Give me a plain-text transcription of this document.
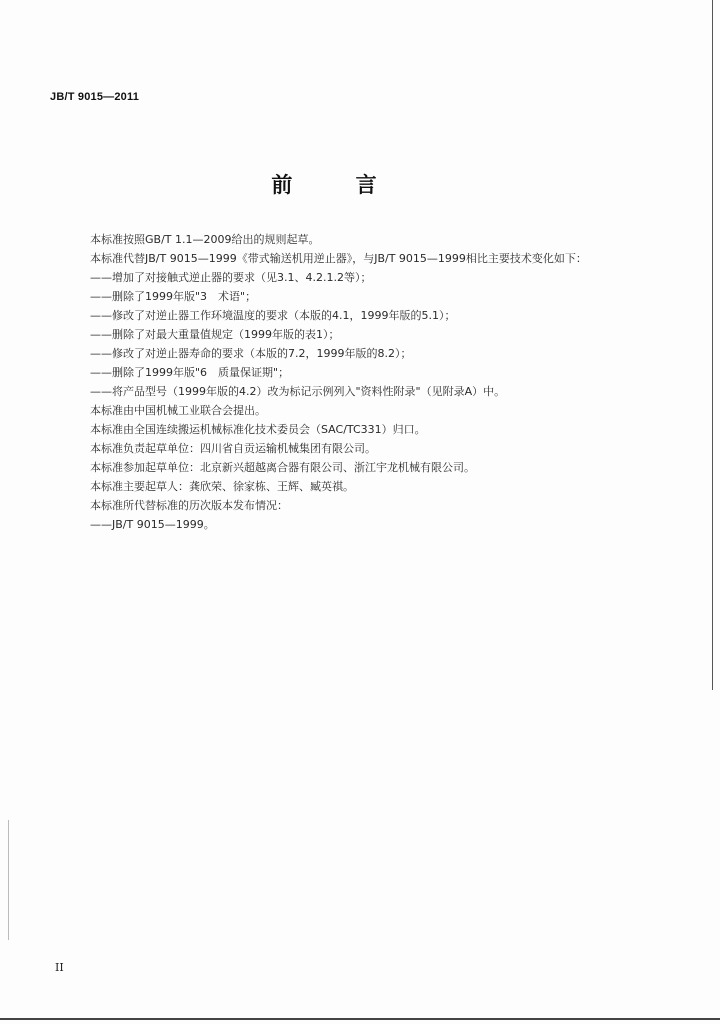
JB/T 9015—2011
前 言
本标准按照GB/T 1.1—2009给出的规则起草。
本标准代替JB/T 9015—1999《带式输送机用逆止器》，与JB/T 9015—1999相比主要技术变化如下：
——增加了对接触式逆止器的要求（见3.1、4.2.1.2等）；
——删除了1999年版"3　术语"；
——修改了对逆止器工作环境温度的要求（本版的4.1，1999年版的5.1）；
——删除了对最大重量值规定（1999年版的表1）；
——修改了对逆止器寿命的要求（本版的7.2，1999年版的8.2）；
——删除了1999年版"6　质量保证期"；
——将产品型号（1999年版的4.2）改为标记示例列入"资料性附录"（见附录A）中。
本标准由中国机械工业联合会提出。
本标准由全国连续搬运机械标准化技术委员会（SAC/TC331）归口。
本标准负责起草单位：四川省自贡运输机械集团有限公司。
本标准参加起草单位：北京新兴超越离合器有限公司、浙江宇龙机械有限公司。
本标准主要起草人：龚欣荣、徐家栋、王辉、臧英祺。
本标准所代替标准的历次版本发布情况：
——JB/T 9015—1999。
II
